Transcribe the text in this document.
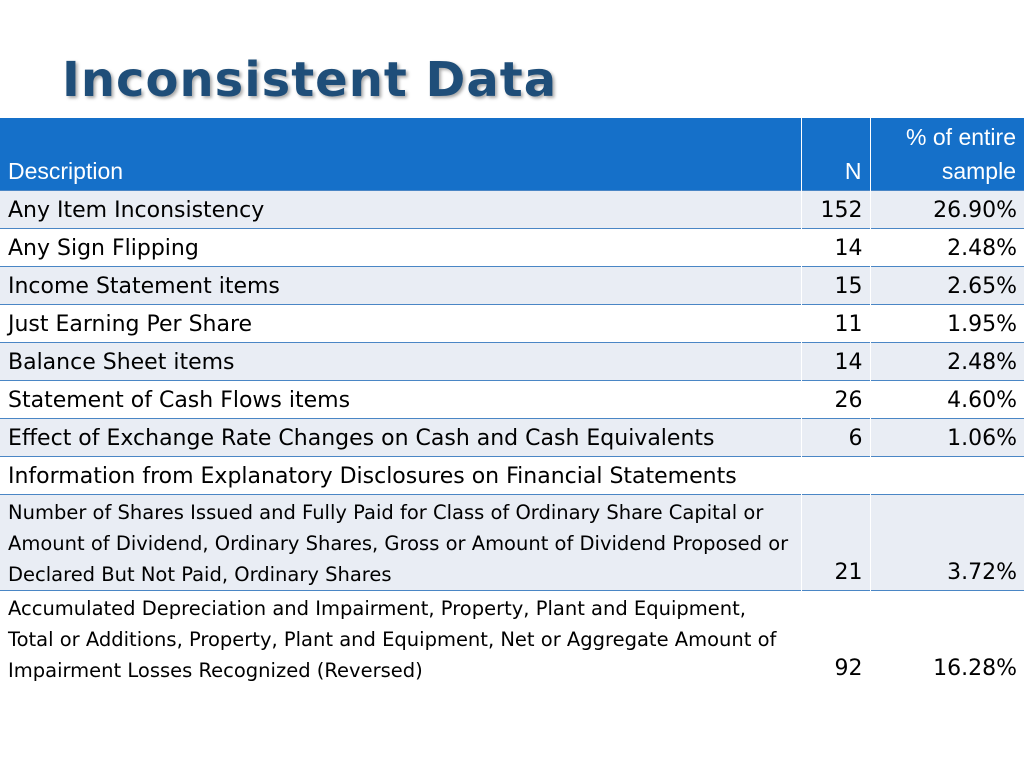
Inconsistent Data
Description	N	% of entire
sample
Any Item Inconsistency	152	26.90%
Any Sign Flipping	14	2.48%
Income Statement items	15	2.65%
Just Earning Per Share	11	1.95%
Balance Sheet items	14	2.48%
Statement of Cash Flows items	26	4.60%
Effect of Exchange Rate Changes on Cash and Cash Equivalents	6	1.06%
Information from Explanatory Disclosures on Financial Statements		
Number of Shares Issued and Fully Paid for Class of Ordinary Share Capital or Amount of Dividend, Ordinary Shares, Gross or Amount of Dividend Proposed or Declared But Not Paid, Ordinary Shares	21	3.72%
Accumulated Depreciation and Impairment, Property, Plant and Equipment, Total or Additions, Property, Plant and Equipment, Net or Aggregate Amount of Impairment Losses Recognized (Reversed)	92	16.28%
